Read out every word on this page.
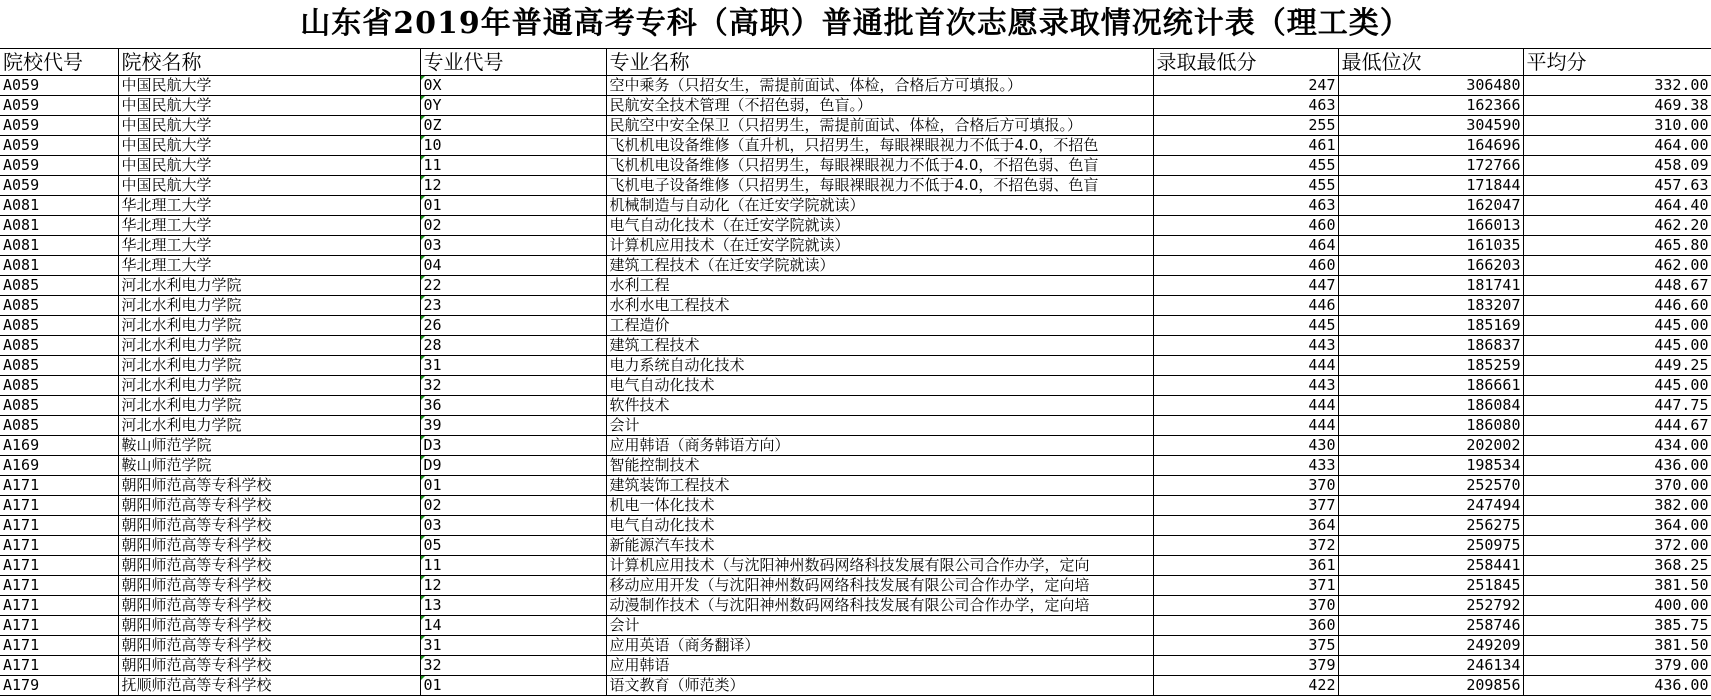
山东省2019年普通高考专科（高职）普通批首次志愿录取情况统计表（理工类）
院校代号	院校名称	专业代号	专业名称	录取最低分	最低位次	平均分
A059	中国民航大学	0X	空中乘务（只招女生，需提前面试、体检，合格后方可填报。）	247	306480	332.00
A059	中国民航大学	0Y	民航安全技术管理（不招色弱，色盲。）	463	162366	469.38
A059	中国民航大学	0Z	民航空中安全保卫（只招男生，需提前面试、体检，合格后方可填报。）	255	304590	310.00
A059	中国民航大学	10	飞机机电设备维修（直升机，只招男生，每眼裸眼视力不低于4.0，不招色	461	164696	464.00
A059	中国民航大学	11	飞机机电设备维修（只招男生，每眼裸眼视力不低于4.0，不招色弱、色盲	455	172766	458.09
A059	中国民航大学	12	飞机电子设备维修（只招男生，每眼裸眼视力不低于4.0，不招色弱、色盲	455	171844	457.63
A081	华北理工大学	01	机械制造与自动化（在迁安学院就读）	463	162047	464.40
A081	华北理工大学	02	电气自动化技术（在迁安学院就读）	460	166013	462.20
A081	华北理工大学	03	计算机应用技术（在迁安学院就读）	464	161035	465.80
A081	华北理工大学	04	建筑工程技术（在迁安学院就读）	460	166203	462.00
A085	河北水利电力学院	22	水利工程	447	181741	448.67
A085	河北水利电力学院	23	水利水电工程技术	446	183207	446.60
A085	河北水利电力学院	26	工程造价	445	185169	445.00
A085	河北水利电力学院	28	建筑工程技术	443	186837	445.00
A085	河北水利电力学院	31	电力系统自动化技术	444	185259	449.25
A085	河北水利电力学院	32	电气自动化技术	443	186661	445.00
A085	河北水利电力学院	36	软件技术	444	186084	447.75
A085	河北水利电力学院	39	会计	444	186080	444.67
A169	鞍山师范学院	D3	应用韩语（商务韩语方向）	430	202002	434.00
A169	鞍山师范学院	D9	智能控制技术	433	198534	436.00
A171	朝阳师范高等专科学校	01	建筑装饰工程技术	370	252570	370.00
A171	朝阳师范高等专科学校	02	机电一体化技术	377	247494	382.00
A171	朝阳师范高等专科学校	03	电气自动化技术	364	256275	364.00
A171	朝阳师范高等专科学校	05	新能源汽车技术	372	250975	372.00
A171	朝阳师范高等专科学校	11	计算机应用技术（与沈阳神州数码网络科技发展有限公司合作办学，定向	361	258441	368.25
A171	朝阳师范高等专科学校	12	移动应用开发（与沈阳神州数码网络科技发展有限公司合作办学，定向培	371	251845	381.50
A171	朝阳师范高等专科学校	13	动漫制作技术（与沈阳神州数码网络科技发展有限公司合作办学，定向培	370	252792	400.00
A171	朝阳师范高等专科学校	14	会计	360	258746	385.75
A171	朝阳师范高等专科学校	31	应用英语（商务翻译）	375	249209	381.50
A171	朝阳师范高等专科学校	32	应用韩语	379	246134	379.00
A179	抚顺师范高等专科学校	01	语文教育（师范类）	422	209856	436.00
